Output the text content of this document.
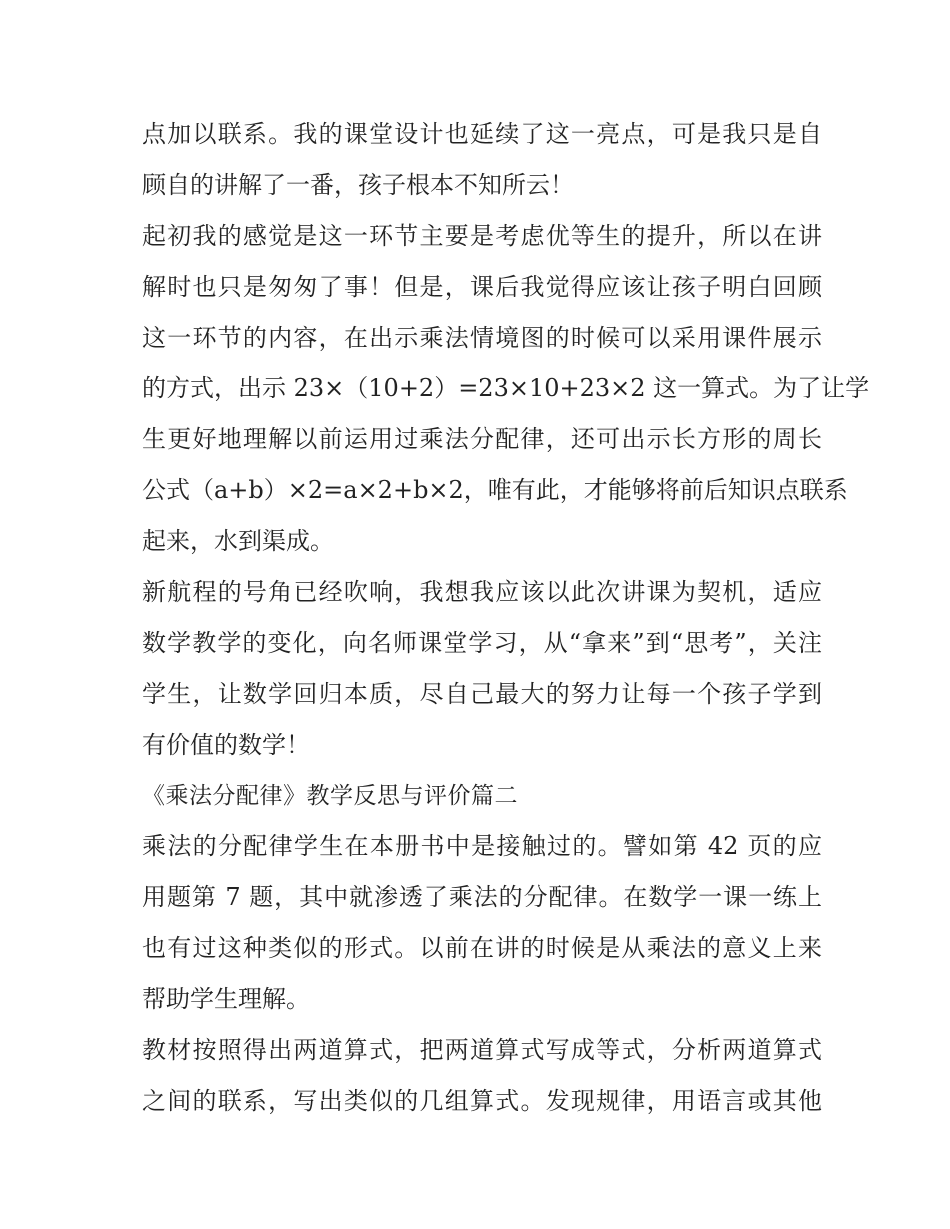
点加以联系。我的课堂设计也延续了这一亮点，可是我只是自
顾自的讲解了一番，孩子根本不知所云！
起初我的感觉是这一环节主要是考虑优等生的提升，所以在讲
解时也只是匆匆了事！但是，课后我觉得应该让孩子明白回顾
这一环节的内容，在出示乘法情境图的时候可以采用课件展示
的方式，出示 23×（10+2）=23×10+23×2 这一算式。为了让学
生更好地理解以前运用过乘法分配律，还可出示长方形的周长
公式（a+b）×2=a×2+b×2，唯有此，才能够将前后知识点联系
起来，水到渠成。
新航程的号角已经吹响，我想我应该以此次讲课为契机，适应
数学教学的变化，向名师课堂学习，从“拿来”到“思考”，关注
学生，让数学回归本质，尽自己最大的努力让每一个孩子学到
有价值的数学！
《乘法分配律》教学反思与评价篇二
乘法的分配律学生在本册书中是接触过的。譬如第 42 页的应
用题第 7 题，其中就渗透了乘法的分配律。在数学一课一练上
也有过这种类似的形式。以前在讲的时候是从乘法的意义上来
帮助学生理解。
教材按照得出两道算式，把两道算式写成等式，分析两道算式
之间的联系，写出类似的几组算式。发现规律，用语言或其他
